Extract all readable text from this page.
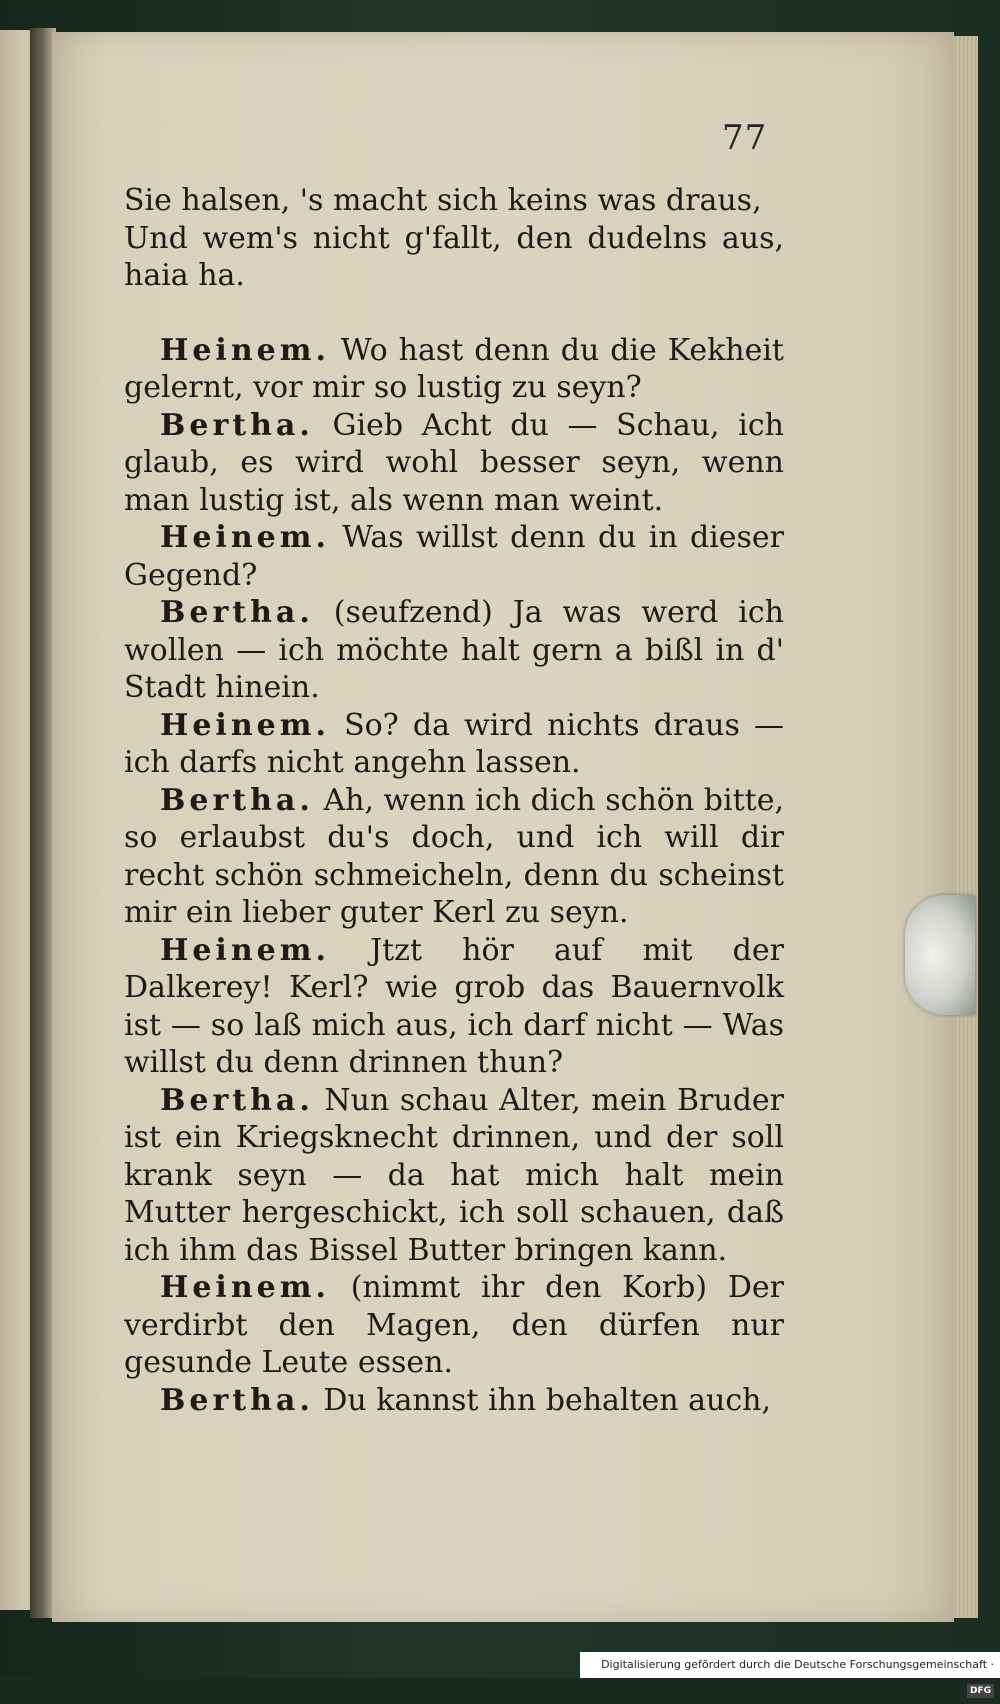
77

Sie halsen, 's macht sich keins was draus,
Und wem's nicht g'fallt, den dudelns aus, haia ha.

Heinem. Wo hast denn du die Kekheit gelernt, vor mir so lustig zu seyn?

Bertha. Gieb Acht du — Schau, ich glaub, es wird wohl besser seyn, wenn man lustig ist, als wenn man weint.

Heinem. Was willst denn du in dieser Gegend?

Bertha. (seufzend) Ja was werd ich wollen — ich möchte halt gern a bißl in d' Stadt hinein.

Heinem. So? da wird nichts draus — ich darfs nicht angehn lassen.

Bertha. Ah, wenn ich dich schön bitte, so erlaubst du's doch, und ich will dir recht schön schmeicheln, denn du scheinst mir ein lieber guter Kerl zu seyn.

Heinem. Jtzt hör auf mit der Dalkerey! Kerl? wie grob das Bauernvolk ist — so laß mich aus, ich darf nicht — Was willst du denn drinnen thun?

Bertha. Nun schau Alter, mein Bruder ist ein Kriegsknecht drinnen, und der soll krank seyn — da hat mich halt mein Mutter hergeschickt, ich soll schauen, daß ich ihm das Bissel Butter bringen kann.

Heinem. (nimmt ihr den Korb) Der verdirbt den Magen, den dürfen nur gesunde Leute essen.

Bertha. Du kannst ihn behalten auch,

Digitalisierung gefördert durch die Deutsche Forschungsgemeinschaft ·DFG
